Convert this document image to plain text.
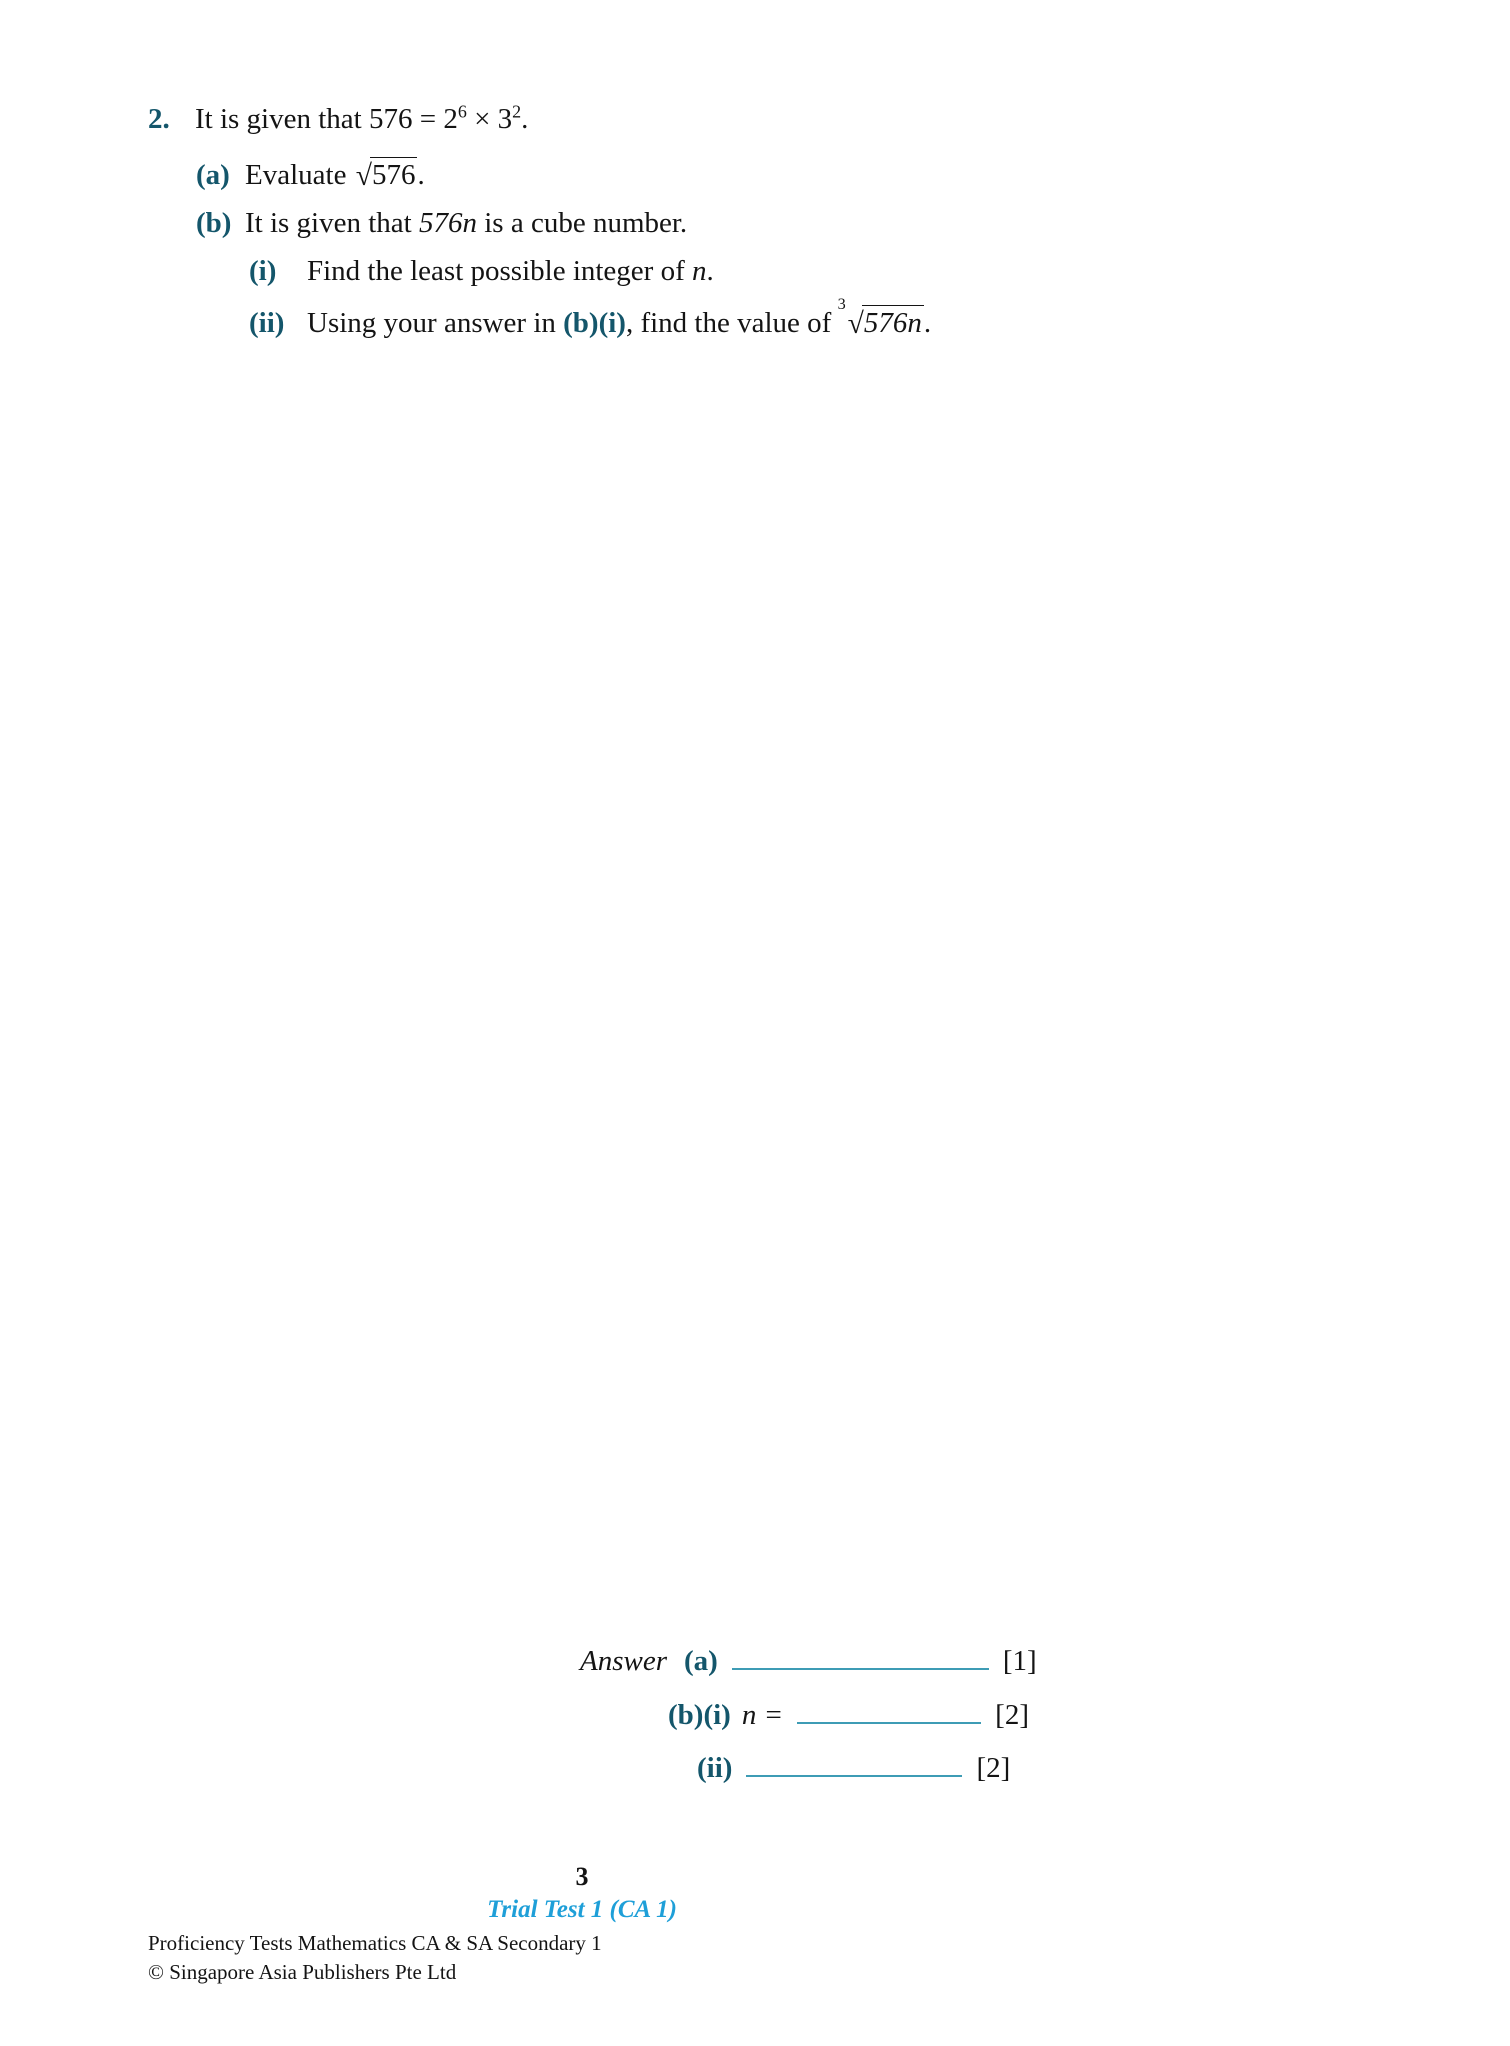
2. It is given that $576 = 2^6 \times 3^2$.
(a) Evaluate √576.
(b) It is given that 576n is a cube number.
(i)	Find the least possible integer of n.
(ii) Using your answer in (b)(i), find the value of
3
√576n.
Answer (a)	[1]
(b)(i) n =	[2]
(ii)	[2]
3
Trial Test 1 (CA 1)
Proficiency Tests Mathematics CA & SA Secondary 1
© Singapore Asia Publishers Pte Ltd
